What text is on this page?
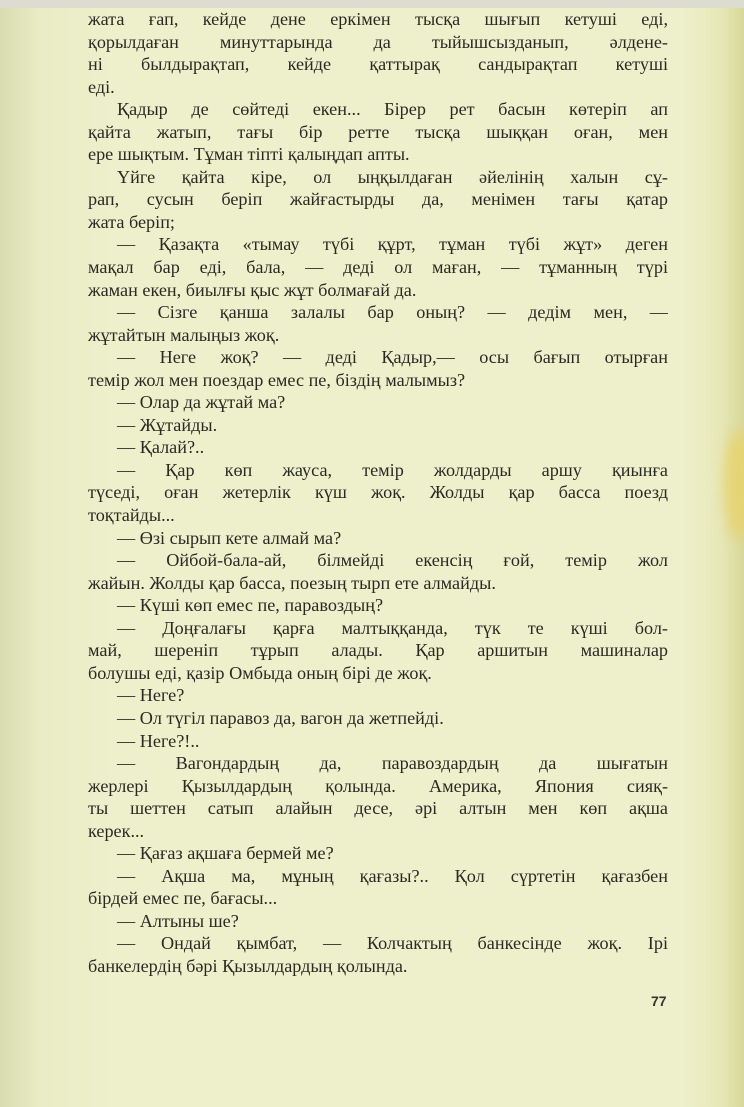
жата ғап, кейде дене еркімен тысқа шығып кетуші еді,
қорылдаған минуттарында да тыйышсызданып, әлдене-
ні былдырақтап, кейде қаттырақ сандырақтап кетуші
еді.
Қадыр де сөйтеді екен... Бірер рет басын көтеріп ап
қайта жатып, тағы бір ретте тысқа шыққан оған, мен
ере шықтым. Тұман тіпті қалыңдап апты.
Үйге қайта кіре, ол ыңқылдаған әйелінің халын сұ-
рап, сусын беріп жайғастырды да, менімен тағы қатар
жата беріп;
— Қазақта «тымау түбі құрт, тұман түбі жұт» деген
мақал бар еді, бала, — деді ол маған, — тұманның түрі
жаман екен, биылғы қыс жұт болмағай да.
— Сізге қанша залалы бар оның? — дедім мен, —
жұтайтын малыңыз жоқ.
— Неге жоқ? — деді Қадыр,— осы бағып отырған
темір жол мен поездар емес пе, біздің малымыз?
— Олар да жұтай ма?
— Жұтайды.
— Қалай?..
— Қар көп жауса, темір жолдарды аршу қиынға
түседі, оған жетерлік күш жоқ. Жолды қар басса поезд
тоқтайды...
— Өзі сырып кете алмай ма?
— Ойбой-бала-ай, білмейді екенсің ғой, темір жол
жайын. Жолды қар басса, поезың тырп ете алмайды.
— Күші көп емес пе, паравоздың?
— Доңғалағы қарға малтыққанда, түк те күші бол-
май, шереніп тұрып алады. Қар аршитын машиналар
болушы еді, қазір Омбыда оның бірі де жоқ.
— Неге?
— Ол түгіл паравоз да, вагон да жетпейді.
— Неге?!..
— Вагондардың да, паравоздардың да шығатын
жерлері Қызылдардың қолында. Америка, Япония сияқ-
ты шеттен сатып алайын десе, әрі алтын мен көп ақша
керек...
— Қағаз ақшаға бермей ме?
— Ақша ма, мұның қағазы?.. Қол сүртетін қағазбен
бірдей емес пе, бағасы...
— Алтыны ше?
— Ондай қымбат, — Колчактың банкесінде жоқ. Ірі
банкелердің бәрі Қызылдардың қолында.
77
